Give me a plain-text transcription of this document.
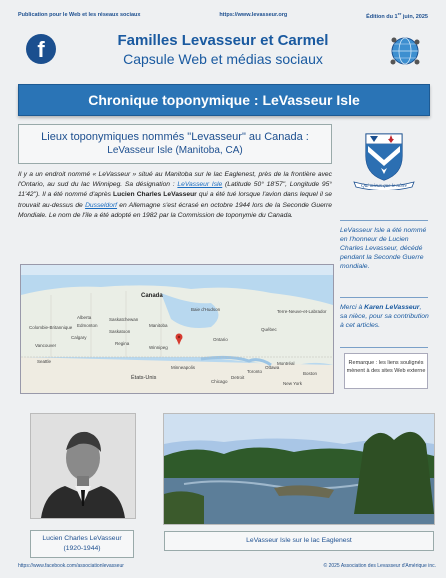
Publication pour le Web et les réseaux sociaux	https://www.levasseur.org	Édition du 1er juin, 2025
f	Familles Levasseur et Carmel
Capsule Web et médias sociaux
Chronique toponymique : LeVasseur Isle
Lieux toponymiques nommés "Levasseur" au Canada :
LeVasseur Isle (Manitoba, CA)
Qui mieux que le nôtre
Il y a un endroit nommé « LeVasseur » situé au Manitoba sur le lac Eaglenest, près de la frontière avec l'Ontario, au sud du lac Winnipeg. Sa désignation : LeVasseur Isle (Latitude 50° 18'57", Longitude 95° 11'42"). Il a été nommé d'après Lucien Charles LeVasseur qui a été tué lorsque l'avion dans lequel il se trouvait au-dessus de Dusseldorf en Allemagne s'est écrasé en octobre 1944 lors de la Seconde Guerre Mondiale. Le nom de l'île a été adopté en 1982 par la Commission de toponymie du Canada.
LeVasseur Isle a été nommé en l'honneur de Lucien Charles Levasseur, décédé pendant la Seconde Guerre mondiale.
Merci à Karen LeVasseur, sa nièce, pour sa contribution à cet articles.
Remarque : les liens soulignés mènent à des sites Web externe
Canada
Calgary
Vancouver
Seattle
Winnipeg
Montréal
Toronto
Ottawa
Chicago
États-Unis
Baie d'Hudson
Québec
Edmonton
Regina
Saskatoon
Boston
New York
Detroit
Ontario
Manitoba
Alberta	Saskatchewan
Colombie-Britannique
Minneapolis
Terre-Neuve-et-Labrador
Lucien Charles LeVasseur
(1920-1944)
LeVasseur Isle sur le lac Eaglenest
https://www.facebook.com/associationlevasseur	© 2025 Association des Levasseur d'Amérique inc.
